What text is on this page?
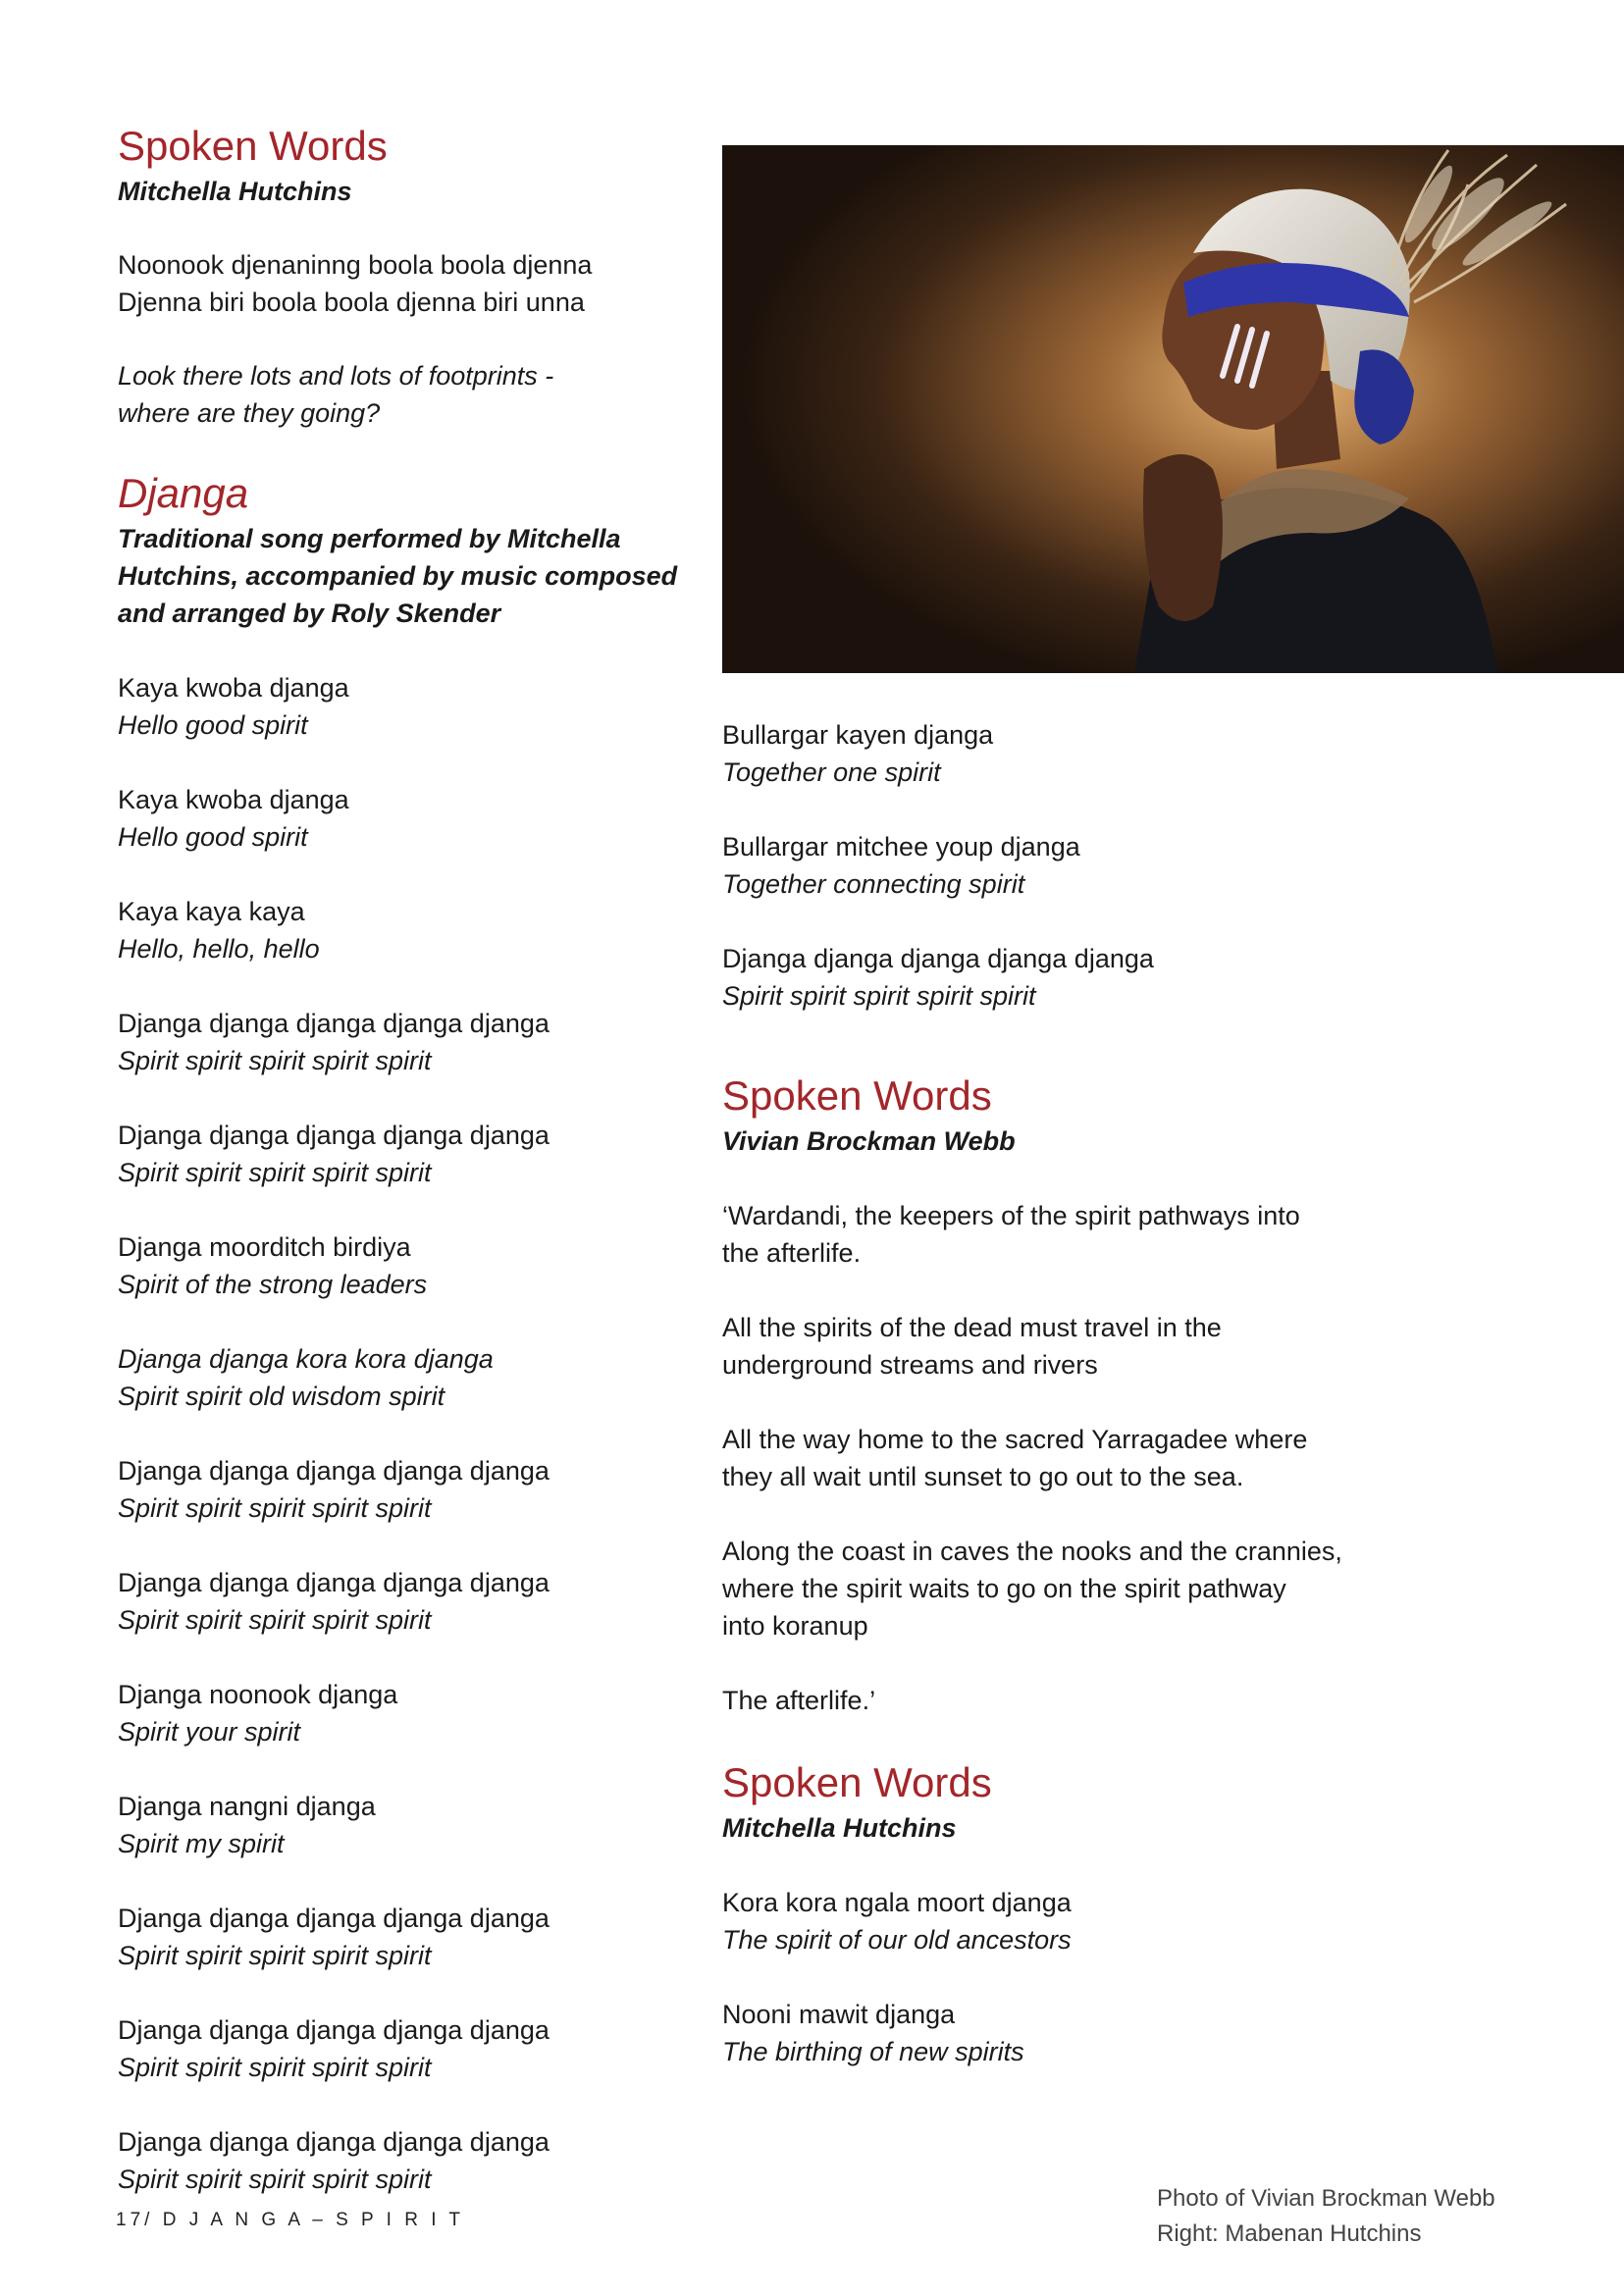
Spoken Words

Mitchella Hutchins

Noonook djenaninng boola boola djenna
Djenna biri boola boola djenna biri unna

Look there lots and lots of footprints -
where are they going?

Djanga

Traditional song performed by Mitchella
Hutchins, accompanied by music composed
and arranged by Roly Skender

Kaya kwoba djanga
Hello good spirit

Kaya kwoba djanga
Hello good spirit

Kaya kaya kaya
Hello, hello, hello

Djanga djanga djanga djanga djanga
Spirit spirit spirit spirit spirit

Djanga djanga djanga djanga djanga
Spirit spirit spirit spirit spirit

Djanga moorditch birdiya
Spirit of the strong leaders

Djanga djanga kora kora djanga
Spirit spirit old wisdom spirit

Djanga djanga djanga djanga djanga
Spirit spirit spirit spirit spirit

Djanga djanga djanga djanga djanga
Spirit spirit spirit spirit spirit

Djanga noonook djanga
Spirit your spirit

Djanga nangni djanga
Spirit my spirit

Djanga djanga djanga djanga djanga
Spirit spirit spirit spirit spirit

Djanga djanga djanga djanga djanga
Spirit spirit spirit spirit spirit

Djanga djanga djanga djanga djanga
Spirit spirit spirit spirit spirit

Bullargar kayen djanga
Together one spirit

Bullargar mitchee youp djanga
Together connecting spirit

Djanga djanga djanga djanga djanga
Spirit spirit spirit spirit spirit

Spoken Words

Vivian Brockman Webb

‘Wardandi, the keepers of the spirit pathways into
the afterlife.

All the spirits of the dead must travel in the
underground streams and rivers

All the way home to the sacred Yarragadee where
they all wait until sunset to go out to the sea.

Along the coast in caves the nooks and the crannies,
where the spirit waits to go on the spirit pathway
into koranup

The afterlife.’

Spoken Words

Mitchella Hutchins

Kora kora ngala moort djanga
The spirit of our old ancestors

Nooni mawit djanga
The birthing of new spirits

17/ D J A N G A – S P I R I T
Photo of Vivian Brockman Webb
Right: Mabenan Hutchins
